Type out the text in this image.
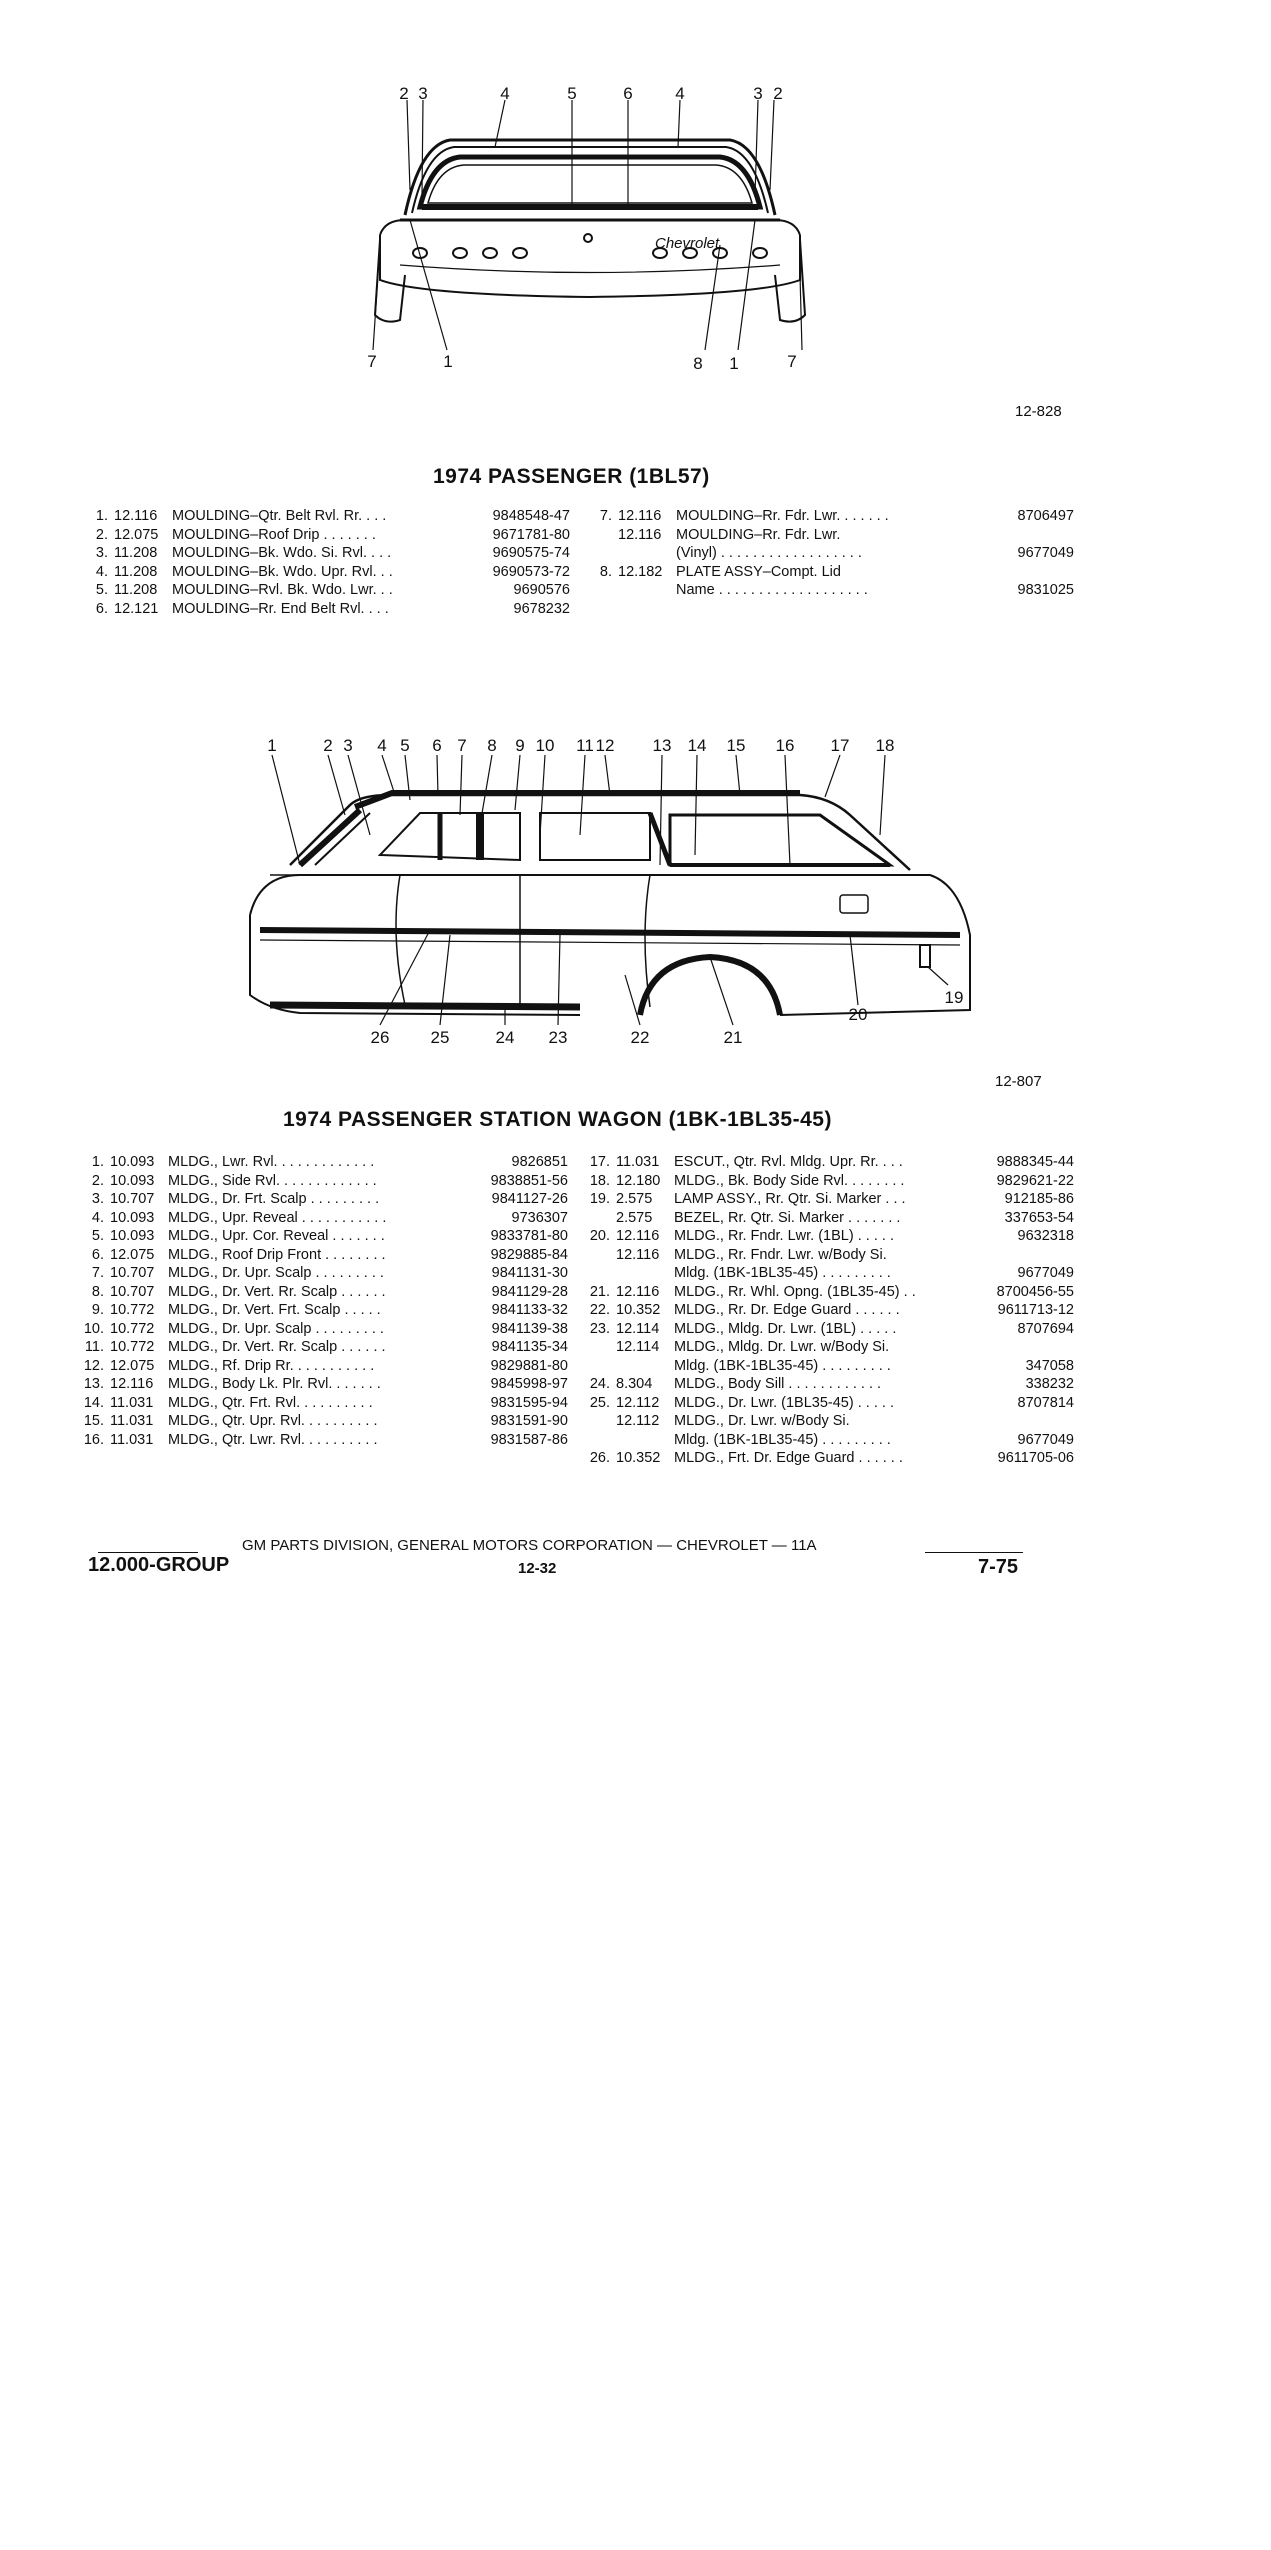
Chevrolet
2 3	4	5	6	4	3 2
7	1	8 1	7
12-828
1974 PASSENGER (1BL57)
1. 12.116	MOULDING–Qtr. Belt Rvl. Rr. . . .	9848548-47
2. 12.075 MOULDING–Roof Drip . . . . . . .	9671781-80
3. 11.208	MOULDING–Bk. Wdo. Si. Rvl. . . .	9690575-74
4. 11.208	MOULDING–Bk. Wdo. Upr. Rvl. . .	9690573-72
5. 11.208	MOULDING–Rvl. Bk. Wdo. Lwr. . .	9690576
6. 12.121 MOULDING–Rr. End Belt Rvl. . . .	9678232
7. 12.116	MOULDING–Rr. Fdr. Lwr. . . . . . .	8706497
12.116	MOULDING–Rr. Fdr. Lwr.
(Vinyl) . . . . . . . . . . . . . . . . . .	9677049
8. 12.182 PLATE ASSY–Compt. Lid
Name . . . . . . . . . . . . . . . . . . .	9831025
1	2 3 4 5 6 7 8 9 10 11 12 13 14 15 16 17 18
26 25	24 23	22	21
20
19
12-807
1974 PASSENGER STATION WAGON (1BK-1BL35-45)
1. 10.093 MLDG., Lwr. Rvl. . . . . . . . . . . . .	9826851
2. 10.093 MLDG., Side Rvl. . . . . . . . . . . . .	9838851-56
3. 10.707 MLDG., Dr. Frt. Scalp . . . . . . . . .	9841127-26
4. 10.093 MLDG., Upr. Reveal . . . . . . . . . . .	9736307
5. 10.093 MLDG., Upr. Cor. Reveal . . . . . . .	9833781-80
6. 12.075 MLDG., Roof Drip Front . . . . . . . .	9829885-84
7. 10.707 MLDG., Dr. Upr. Scalp . . . . . . . . .	9841131-30
8. 10.707 MLDG., Dr. Vert. Rr. Scalp . . . . . .	9841129-28
9. 10.772 MLDG., Dr. Vert. Frt. Scalp . . . . .	9841133-32
10. 10.772 MLDG., Dr. Upr. Scalp . . . . . . . . .	9841139-38
11. 10.772 MLDG., Dr. Vert. Rr. Scalp . . . . . .	9841135-34
12. 12.075 MLDG., Rf. Drip Rr. . . . . . . . . . .	9829881-80
13. 12.116	MLDG., Body Lk. Plr. Rvl. . . . . . .	9845998-97
14. 11.031	MLDG., Qtr. Frt. Rvl. . . . . . . . . .	9831595-94
15. 11.031	MLDG., Qtr. Upr. Rvl. . . . . . . . . .	9831591-90
16. 11.031	MLDG., Qtr. Lwr. Rvl. . . . . . . . . .	9831587-86
17. 11.031	ESCUT., Qtr. Rvl. Mldg. Upr. Rr. . . .	9888345-44
18. 12.180 MLDG., Bk. Body Side Rvl. . . . . . . .	9829621-22
19. 2.575	LAMP ASSY., Rr. Qtr. Si. Marker . . .	912185-86
2.575	BEZEL, Rr. Qtr. Si. Marker . . . . . . .	337653-54
20. 12.116	MLDG., Rr. Fndr. Lwr. (1BL) . . . . .	9632318
12.116	MLDG., Rr. Fndr. Lwr. w/Body Si.
Mldg. (1BK-1BL35-45) . . . . . . . . .	9677049
21. 12.116	MLDG., Rr. Whl. Opng. (1BL35-45) . .	8700456-55
22. 10.352 MLDG., Rr. Dr. Edge Guard . . . . . .	9611713-12
23. 12.114	MLDG., Mldg. Dr. Lwr. (1BL) . . . . .	8707694
12.114	MLDG., Mldg. Dr. Lwr. w/Body Si.
Mldg. (1BK-1BL35-45) . . . . . . . . .	347058
24. 8.304	MLDG., Body Sill . . . . . . . . . . . .	338232
25. 12.112	MLDG., Dr. Lwr. (1BL35-45) . . . . .	8707814
12.112	MLDG., Dr. Lwr. w/Body Si.
Mldg. (1BK-1BL35-45) . . . . . . . . .	9677049
26. 10.352 MLDG., Frt. Dr. Edge Guard . . . . . .	9611705-06
GM PARTS DIVISION, GENERAL MOTORS CORPORATION — CHEVROLET — 11A
12.000-GROUP	12-32	7-75
